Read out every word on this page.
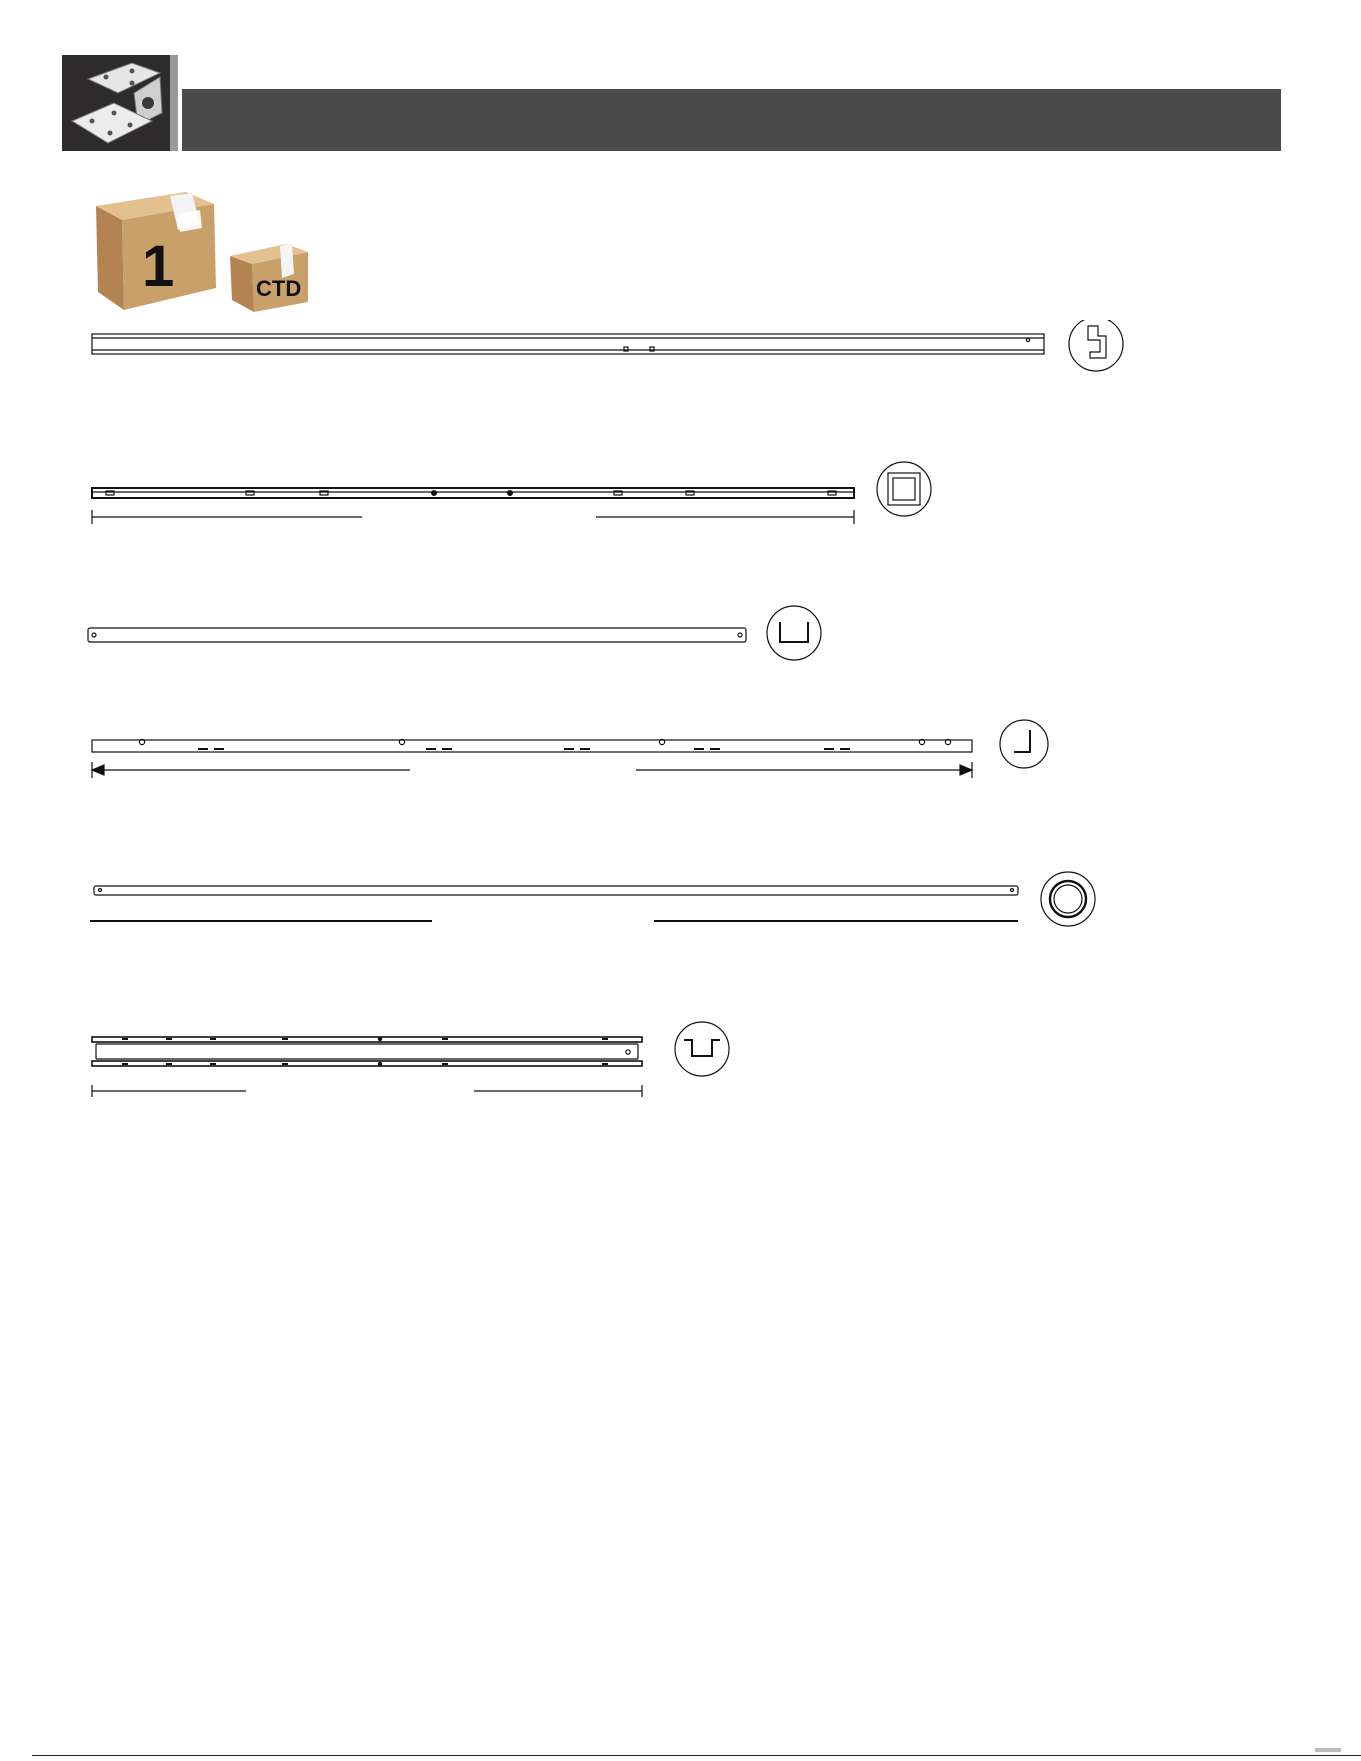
1	CTD
